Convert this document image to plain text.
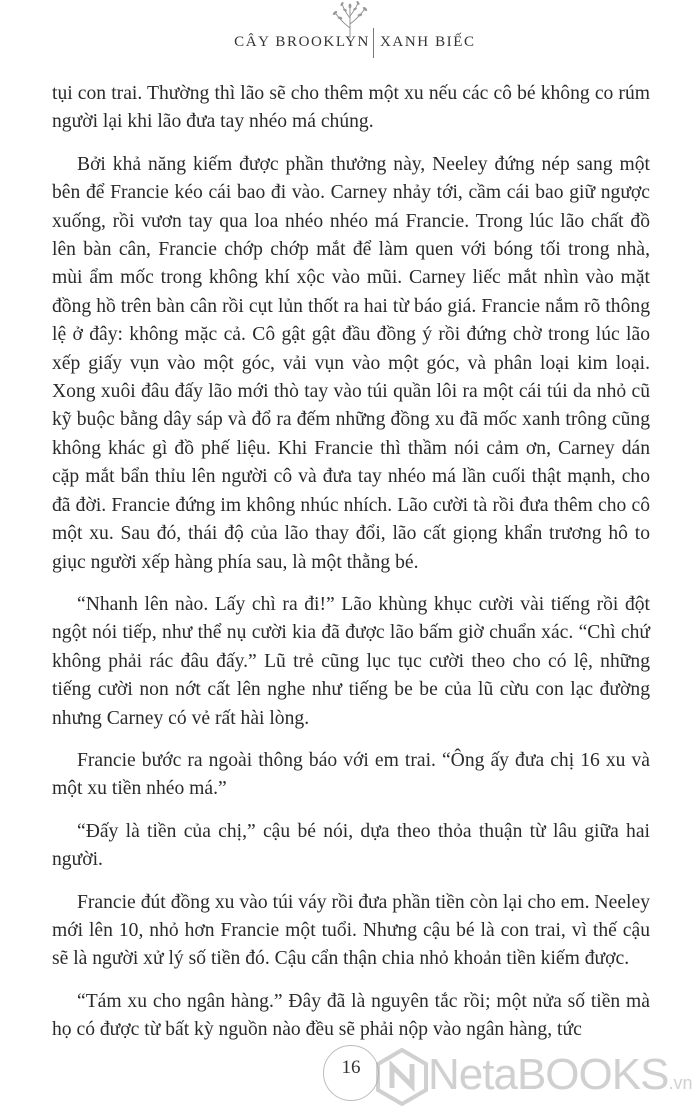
CÂY BROOKLYN XANH BIẾC

tụi con trai. Thường thì lão sẽ cho thêm một xu nếu các cô bé không co rúm người lại khi lão đưa tay nhéo má chúng.

Bởi khả năng kiếm được phần thưởng này, Neeley đứng nép sang một bên để Francie kéo cái bao đi vào. Carney nhảy tới, cầm cái bao giữ ngược xuống, rồi vươn tay qua loa nhéo nhéo má Francie. Trong lúc lão chất đồ lên bàn cân, Francie chớp chớp mắt để làm quen với bóng tối trong nhà, mùi ẩm mốc trong không khí xộc vào mũi. Carney liếc mắt nhìn vào mặt đồng hồ trên bàn cân rồi cụt lủn thốt ra hai từ báo giá. Francie nắm rõ thông lệ ở đây: không mặc cả. Cô gật gật đầu đồng ý rồi đứng chờ trong lúc lão xếp giấy vụn vào một góc, vải vụn vào một góc, và phân loại kim loại. Xong xuôi đâu đấy lão mới thò tay vào túi quần lôi ra một cái túi da nhỏ cũ kỹ buộc bằng dây sáp và đổ ra đếm những đồng xu đã mốc xanh trông cũng không khác gì đồ phế liệu. Khi Francie thì thầm nói cảm ơn, Carney dán cặp mắt bẩn thỉu lên người cô và đưa tay nhéo má lần cuối thật mạnh, cho đã đời. Francie đứng im không nhúc nhích. Lão cười tà rồi đưa thêm cho cô một xu. Sau đó, thái độ của lão thay đổi, lão cất giọng khẩn trương hô to giục người xếp hàng phía sau, là một thằng bé.

“Nhanh lên nào. Lấy chì ra đi!” Lão khùng khục cười vài tiếng rồi đột ngột nói tiếp, như thể nụ cười kia đã được lão bấm giờ chuẩn xác. “Chì chứ không phải rác đâu đấy.” Lũ trẻ cũng lục tục cười theo cho có lệ, những tiếng cười non nớt cất lên nghe như tiếng be be của lũ cừu con lạc đường nhưng Carney có vẻ rất hài lòng.

Francie bước ra ngoài thông báo với em trai. “Ông ấy đưa chị 16 xu và một xu tiền nhéo má.”

“Đấy là tiền của chị,” cậu bé nói, dựa theo thỏa thuận từ lâu giữa hai người.

Francie đút đồng xu vào túi váy rồi đưa phần tiền còn lại cho em. Neeley mới lên 10, nhỏ hơn Francie một tuổi. Nhưng cậu bé là con trai, vì thế cậu sẽ là người xử lý số tiền đó. Cậu cẩn thận chia nhỏ khoản tiền kiếm được.

“Tám xu cho ngân hàng.” Đây đã là nguyên tắc rồi; một nửa số tiền mà họ có được từ bất kỳ nguồn nào đều sẽ phải nộp vào ngân hàng, tức

16	NetaBOOKS.vn
